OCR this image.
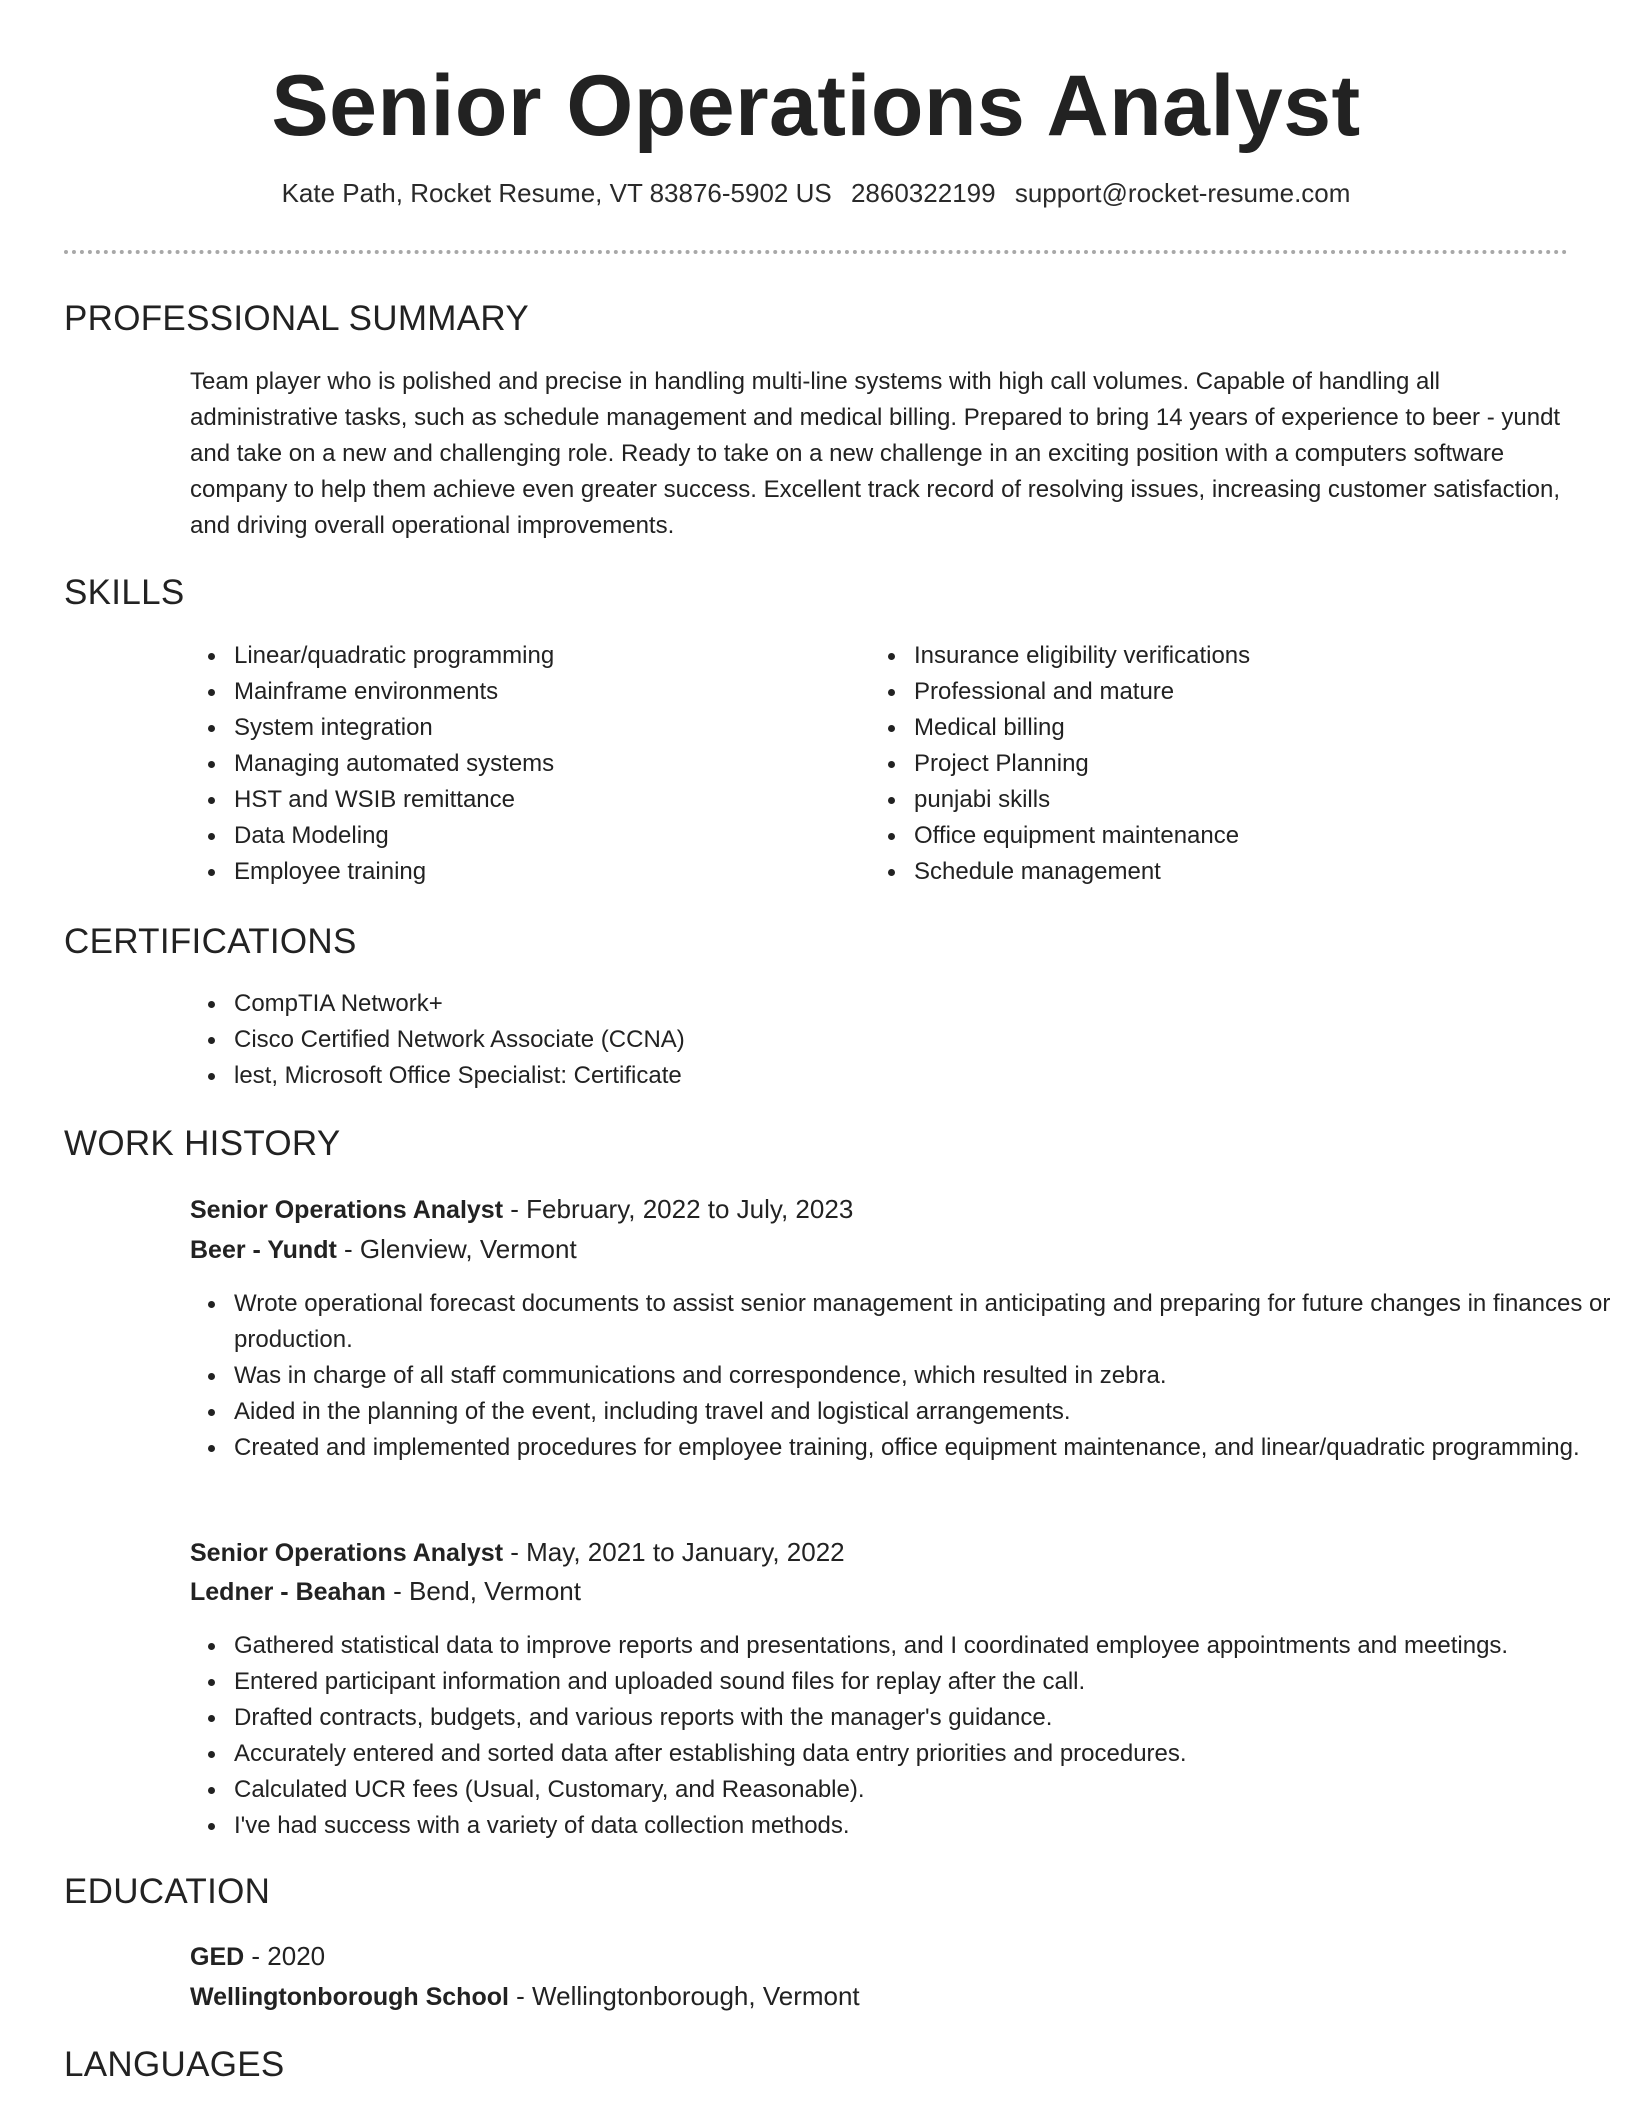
Senior Operations Analyst
Kate Path, Rocket Resume, VT 83876-5902 US 2860322199 support@rocket-resume.com
PROFESSIONAL SUMMARY

Team player who is polished and precise in handling multi-line systems with high call volumes. Capable of handling all administrative tasks, such as schedule management and medical billing. Prepared to bring 14 years of experience to beer - yundt and take on a new and challenging role. Ready to take on a new challenge in an exciting position with a computers software company to help them achieve even greater success. Excellent track record of resolving issues, increasing customer satisfaction, and driving overall operational improvements.

SKILLS
Linear/quadratic programming
Mainframe environments
System integration
Managing automated systems
HST and WSIB remittance
Data Modeling
Employee training
Insurance eligibility verifications
Professional and mature
Medical billing
Project Planning
punjabi skills
Office equipment maintenance
Schedule management
CERTIFICATIONS
CompTIA Network+
Cisco Certified Network Associate (CCNA)
lest, Microsoft Office Specialist: Certificate
WORK HISTORY
Senior Operations Analyst - February, 2022 to July, 2023
Beer - Yundt - Glenview, Vermont
Wrote operational forecast documents to assist senior management in anticipating and preparing for future changes in finances or production.
Was in charge of all staff communications and correspondence, which resulted in zebra.
Aided in the planning of the event, including travel and logistical arrangements.
Created and implemented procedures for employee training, office equipment maintenance, and linear/quadratic programming.
Senior Operations Analyst - May, 2021 to January, 2022
Ledner - Beahan - Bend, Vermont
Gathered statistical data to improve reports and presentations, and I coordinated employee appointments and meetings.
Entered participant information and uploaded sound files for replay after the call.
Drafted contracts, budgets, and various reports with the manager's guidance.
Accurately entered and sorted data after establishing data entry priorities and procedures.
Calculated UCR fees (Usual, Customary, and Reasonable).
I've had success with a variety of data collection methods.
EDUCATION
GED - 2020
Wellingtonborough School - Wellingtonborough, Vermont
LANGUAGES
